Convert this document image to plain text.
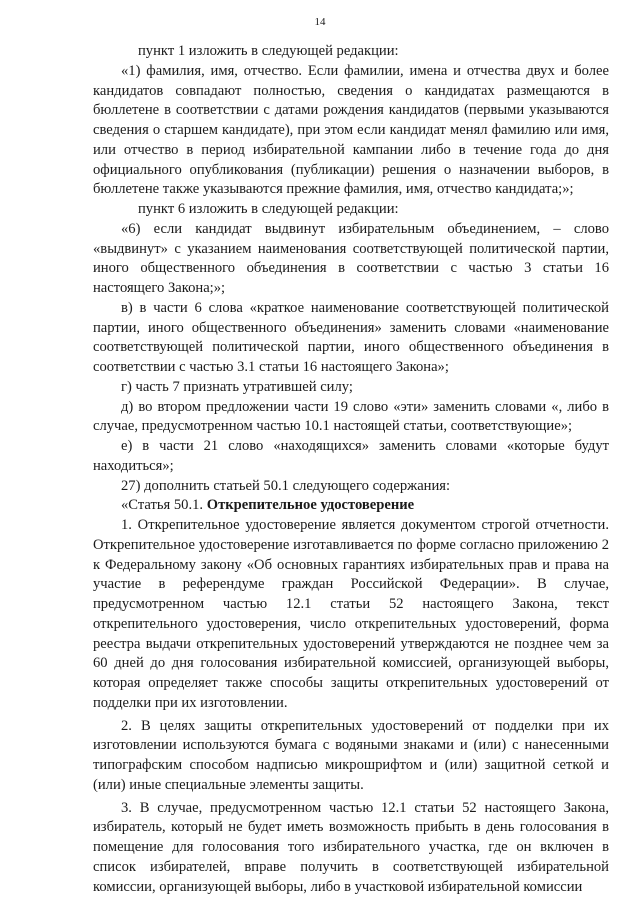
14

пункт 1 изложить в следующей редакции:

«1) фамилия, имя, отчество. Если фамилии, имена и отчества двух и более кандидатов совпадают полностью, сведения о кандидатах размещаются в бюллетене в соответствии с датами рождения кандидатов (первыми указываются сведения о старшем кандидате), при этом если кандидат менял фамилию или имя, или отчество в период избирательной кампании либо в течение года до дня официального опубликования (публикации) решения о назначении выборов, в бюллетене также указываются прежние фамилия, имя, отчество кандидата;»;

пункт 6 изложить в следующей редакции:

«6) если кандидат выдвинут избирательным объединением, – слово «выдвинут» с указанием наименования соответствующей политической партии, иного общественного объединения в соответствии с частью 3 статьи 16 настоящего Закона;»;

в) в части 6 слова «краткое наименование соответствующей политической партии, иного общественного объединения» заменить словами «наименование соответствующей политической партии, иного общественного объединения в соответствии с частью 3.1 статьи 16 настоящего Закона»;

г) часть 7 признать утратившей силу;

д) во втором предложении части 19 слово «эти» заменить словами «, либо в случае, предусмотренном частью 10.1 настоящей статьи, соответствующие»;

е) в части 21 слово «находящихся» заменить словами «которые будут находиться»;

27) дополнить статьей 50.1 следующего содержания:

«Статья 50.1. Открепительное удостоверение

1. Открепительное удостоверение является документом строгой отчетности. Открепительное удостоверение изготавливается по форме согласно приложению 2 к Федеральному закону «Об основных гарантиях избирательных прав и права на участие в референдуме граждан Российской Федерации». В случае, предусмотренном частью 12.1 статьи 52 настоящего Закона, текст открепительного удостоверения, число открепительных удостоверений, форма реестра выдачи открепительных удостоверений утверждаются не позднее чем за 60 дней до дня голосования избирательной комиссией, организующей выборы, которая определяет также способы защиты открепительных удостоверений от подделки при их изготовлении.

2. В целях защиты открепительных удостоверений от подделки при их изготовлении используются бумага с водяными знаками и (или) с нанесенными типографским способом надписью микрошрифтом и (или) защитной сеткой и (или) иные специальные элементы защиты.

3. В случае, предусмотренном частью 12.1 статьи 52 настоящего Закона, избиратель, который не будет иметь возможность прибыть в день голосования в помещение для голосования того избирательного участка, где он включен в список избирателей, вправе получить в соответствующей избирательной комиссии, организующей выборы, либо в участковой избирательной комиссии
